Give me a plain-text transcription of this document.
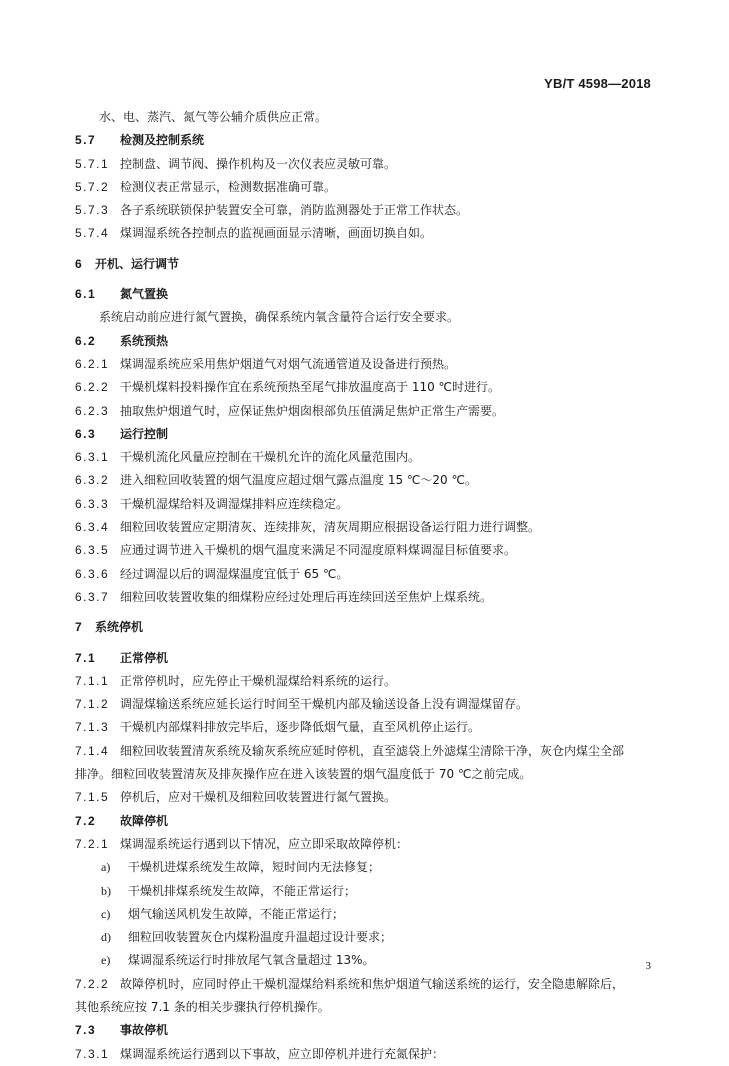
YB/T 4598—2018
水、电、蒸汽、氮气等公辅介质供应正常。
5.7 检测及控制系统
5.7.1 控制盘、调节阀、操作机构及一次仪表应灵敏可靠。
5.7.2 检测仪表正常显示，检测数据准确可靠。
5.7.3 各子系统联锁保护装置安全可靠，消防监测器处于正常工作状态。
5.7.4 煤调湿系统各控制点的监视画面显示清晰，画面切换自如。
6 开机、运行调节
6.1 氮气置换
系统启动前应进行氮气置换，确保系统内氧含量符合运行安全要求。
6.2 系统预热
6.2.1 煤调湿系统应采用焦炉烟道气对烟气流通管道及设备进行预热。
6.2.2 干燥机煤料投料操作宜在系统预热至尾气排放温度高于 110 ℃时进行。
6.2.3 抽取焦炉烟道气时，应保证焦炉烟囱根部负压值满足焦炉正常生产需要。
6.3 运行控制
6.3.1 干燥机流化风量应控制在干燥机允许的流化风量范围内。
6.3.2 进入细粒回收装置的烟气温度应超过烟气露点温度 15 ℃～20 ℃。
6.3.3 干燥机湿煤给料及调湿煤排料应连续稳定。
6.3.4 细粒回收装置应定期清灰、连续排灰，清灰周期应根据设备运行阻力进行调整。
6.3.5 应通过调节进入干燥机的烟气温度来满足不同湿度原料煤调湿目标值要求。
6.3.6 经过调湿以后的调湿煤温度宜低于 65 ℃。
6.3.7 细粒回收装置收集的细煤粉应经过处理后再连续回送至焦炉上煤系统。
7 系统停机
7.1 正常停机
7.1.1 正常停机时，应先停止干燥机湿煤给料系统的运行。
7.1.2 调湿煤输送系统应延长运行时间至干燥机内部及输送设备上没有调湿煤留存。
7.1.3 干燥机内部煤料排放完毕后，逐步降低烟气量，直至风机停止运行。
7.1.4 细粒回收装置清灰系统及输灰系统应延时停机，直至滤袋上外滤煤尘清除干净，灰仓内煤尘全部
排净。细粒回收装置清灰及排灰操作应在进入该装置的烟气温度低于 70 ℃之前完成。
7.1.5 停机后，应对干燥机及细粒回收装置进行氮气置换。
7.2 故障停机
7.2.1 煤调湿系统运行遇到以下情况，应立即采取故障停机：
a) 干燥机进煤系统发生故障，短时间内无法修复；
b) 干燥机排煤系统发生故障，不能正常运行；
c) 烟气输送风机发生故障，不能正常运行；
d) 细粒回收装置灰仓内煤粉温度升温超过设计要求；
e) 煤调湿系统运行时排放尾气氧含量超过 13%。
7.2.2 故障停机时，应同时停止干燥机湿煤给料系统和焦炉烟道气输送系统的运行，安全隐患解除后，
其他系统应按 7.1 条的相关步骤执行停机操作。
7.3 事故停机
7.3.1 煤调湿系统运行遇到以下事故，应立即停机并进行充氮保护：
3
